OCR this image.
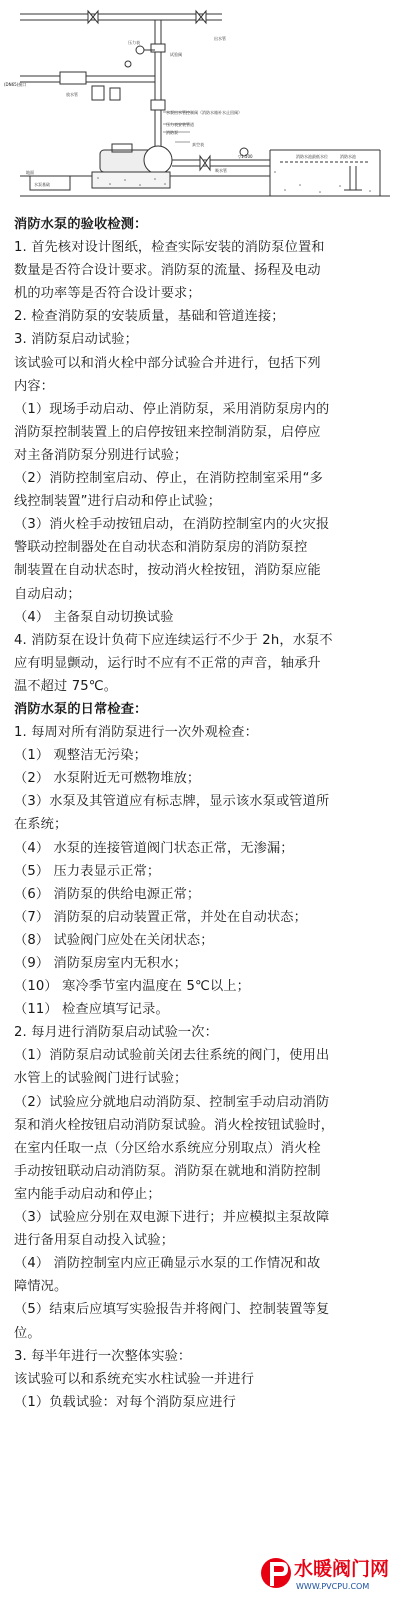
出水管
压力表
试验阀
(DN65)接口
放水管
水泵出水管控制阀（消防水箱补水止回阀）
压力表安装管道
消防泵
真空表
吸水管
消防水池
消防水池最低水位
水泵基础
▽1.500
地面
消防水泵的验收检测：
1. 首先核对设计图纸，检查实际安装的消防泵位置和
数量是否符合设计要求。消防泵的流量、扬程及电动
机的功率等是否符合设计要求；
2. 检查消防泵的安装质量，基础和管道连接；
3. 消防泵启动试验；
该试验可以和消火栓中部分试验合并进行，包括下列
内容：
（1）现场手动启动、停止消防泵，采用消防泵房内的
消防泵控制装置上的启停按钮来控制消防泵，启停应
对主备消防泵分别进行试验；
（2）消防控制室启动、停止，在消防控制室采用“多
线控制装置”进行启动和停止试验；
（3）消火栓手动按钮启动，在消防控制室内的火灾报
警联动控制器处在自动状态和消防泵房的消防泵控
制装置在自动状态时，按动消火栓按钮，消防泵应能
自动启动；
（4） 主备泵自动切换试验
4. 消防泵在设计负荷下应连续运行不少于 2h，水泵不
应有明显颤动，运行时不应有不正常的声音，轴承升
温不超过 75℃。
消防水泵的日常检查：
1. 每周对所有消防泵进行一次外观检查：
（1） 观整洁无污染；
（2） 水泵附近无可燃物堆放；
（3）水泵及其管道应有标志牌，显示该水泵或管道所
在系统；
（4） 水泵的连接管道阀门状态正常，无渗漏；
（5） 压力表显示正常；
（6） 消防泵的供给电源正常；
（7） 消防泵的启动装置正常，并处在自动状态；
（8） 试验阀门应处在关闭状态；
（9） 消防泵房室内无积水；
（10） 寒冷季节室内温度在 5℃以上；
（11） 检查应填写记录。
2. 每月进行消防泵启动试验一次：
（1）消防泵启动试验前关闭去往系统的阀门，使用出
水管上的试验阀门进行试验；
（2）试验应分就地启动消防泵、控制室手动启动消防
泵和消火栓按钮启动消防泵试验。消火栓按钮试验时，
在室内任取一点（分区给水系统应分别取点）消火栓
手动按钮联动启动消防泵。消防泵在就地和消防控制
室内能手动启动和停止；
（3）试验应分别在双电源下进行；并应模拟主泵故障
进行备用泵自动投入试验；
（4） 消防控制室内应正确显示水泵的工作情况和故
障情况。
（5）结束后应填写实验报告并将阀门、控制装置等复
位。
3. 每半年进行一次整体实验：
该试验可以和系统充实水柱试验一并进行
（1）负载试验：对每个消防泵应进行
水暖阀门网
WWW.PVCPU.COM
